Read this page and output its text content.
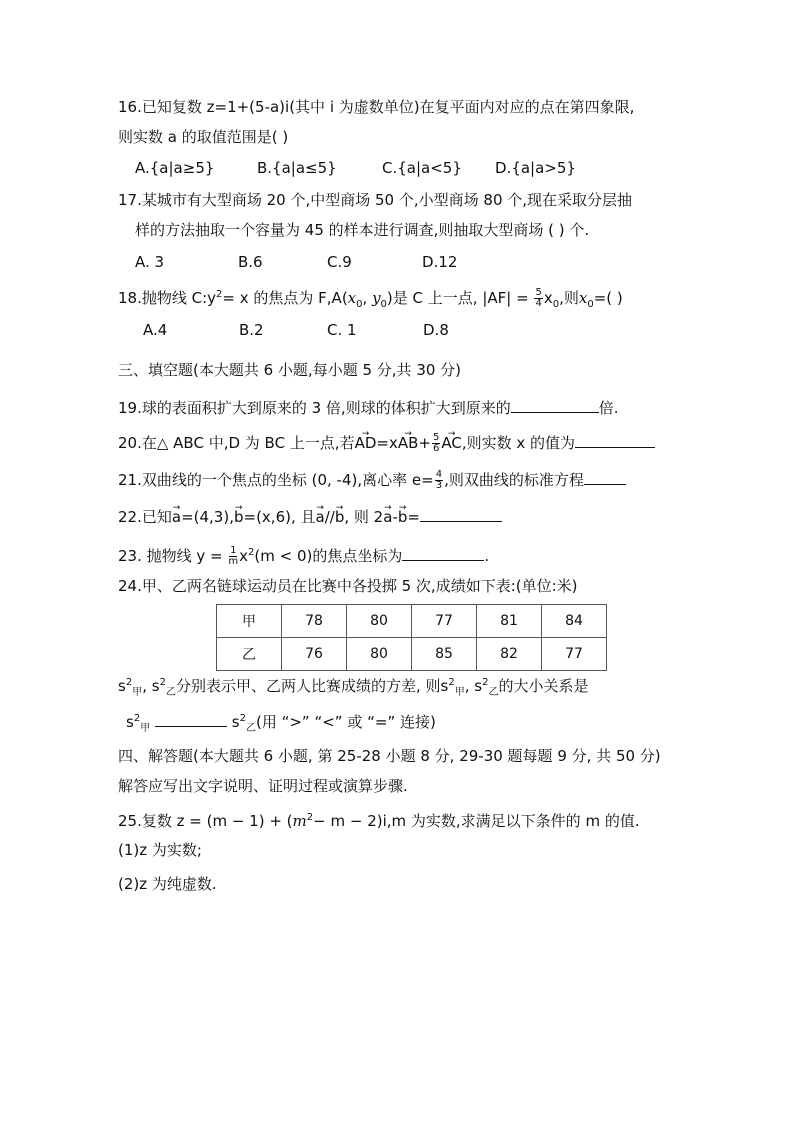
16.已知复数 z=1+(5-a)i(其中 i 为虚数单位)在复平面内对应的点在第四象限,
则实数 a 的取值范围是( )
A.{a|a≥5}	B.{a|a≤5}	C.{a|a<5} D.{a|a>5}
17.某城市有大型商场 20 个,中型商场 50 个,小型商场 80 个,现在采取分层抽
样的方法抽取一个容量为 45 的样本进行调查,则抽取大型商场 ( ) 个.
A. 3	B.6	C.9	D.12
18.抛物线 $C:y^2= x$ 的焦点为 $F,A(x_0$, $y_0$)是 C 上一点, $|AF| = \frac{5}{4} x_0$,则$x_0=$( )
A.4	B.2	C. 1	D.8
三、填空题(本大题共 6 小题,每小题 5 分,共 30 分)
19.球的表面积扩大到原来的 3 倍,则球的体积扩大到原来的	倍.
20.在△ ABC 中,D 为 BC 上一点,若→ $AD=x\to AB+ \frac{5}{6}$ → AC,则实数 x 的值为
21.双曲线的一个焦点的坐标 (0, -4),离心率 $e= \frac{4}{3}$ ,则双曲线的标准方程
22.已知→ a=(4,3),→ b=(x,6), 且→ a//→ b, 则 2→ a-→ b=
23. 抛物线 $y = \frac{1}{m} x^2(m < 0)$的焦点坐标为	.
24.甲、乙两名链球运动员在比赛中各投掷 5 次,成绩如下表:(单位:米)
甲	78	80	77	81	84
乙	76	80	85	82	77
$s^2_甲$, $s^2_乙$分别表示甲、乙两人比赛成绩的方差, 则$s^2_甲$, $s^2_乙$的大小关系是
$s^2_甲$	$s^2_乙$(用 “>” “<” 或 “=” 连接)
四、解答题(本大题共 6 小题, 第 25-28 小题 8 分, 29-30 题每题 9 分, 共 50 分)
解答应写出文字说明、证明过程或演算步骤.
25.复数 $z = (m - 1) + (m^2- m - 2)i,m$ 为实数,求满足以下条件的 m 的值.
(1)z 为实数;
(2)z 为纯虚数.
